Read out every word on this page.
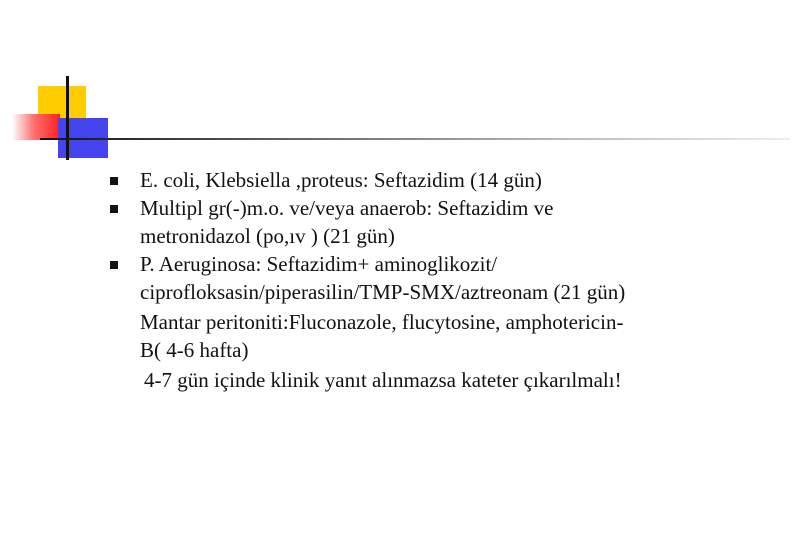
E. coli, Klebsiella ,proteus: Seftazidim (14 gün)
Multipl gr(-)m.o. ve/veya anaerob: Seftazidim ve
metronidazol (po,ıv ) (21 gün)
P. Aeruginosa: Seftazidim+ aminoglikozit/
ciprofloksasin/piperasilin/TMP-SMX/aztreonam (21 gün)
Mantar peritoniti:Fluconazole, flucytosine, amphotericin-
B( 4-6 hafta)
4-7 gün içinde klinik yanıt alınmazsa kateter çıkarılmalı!
